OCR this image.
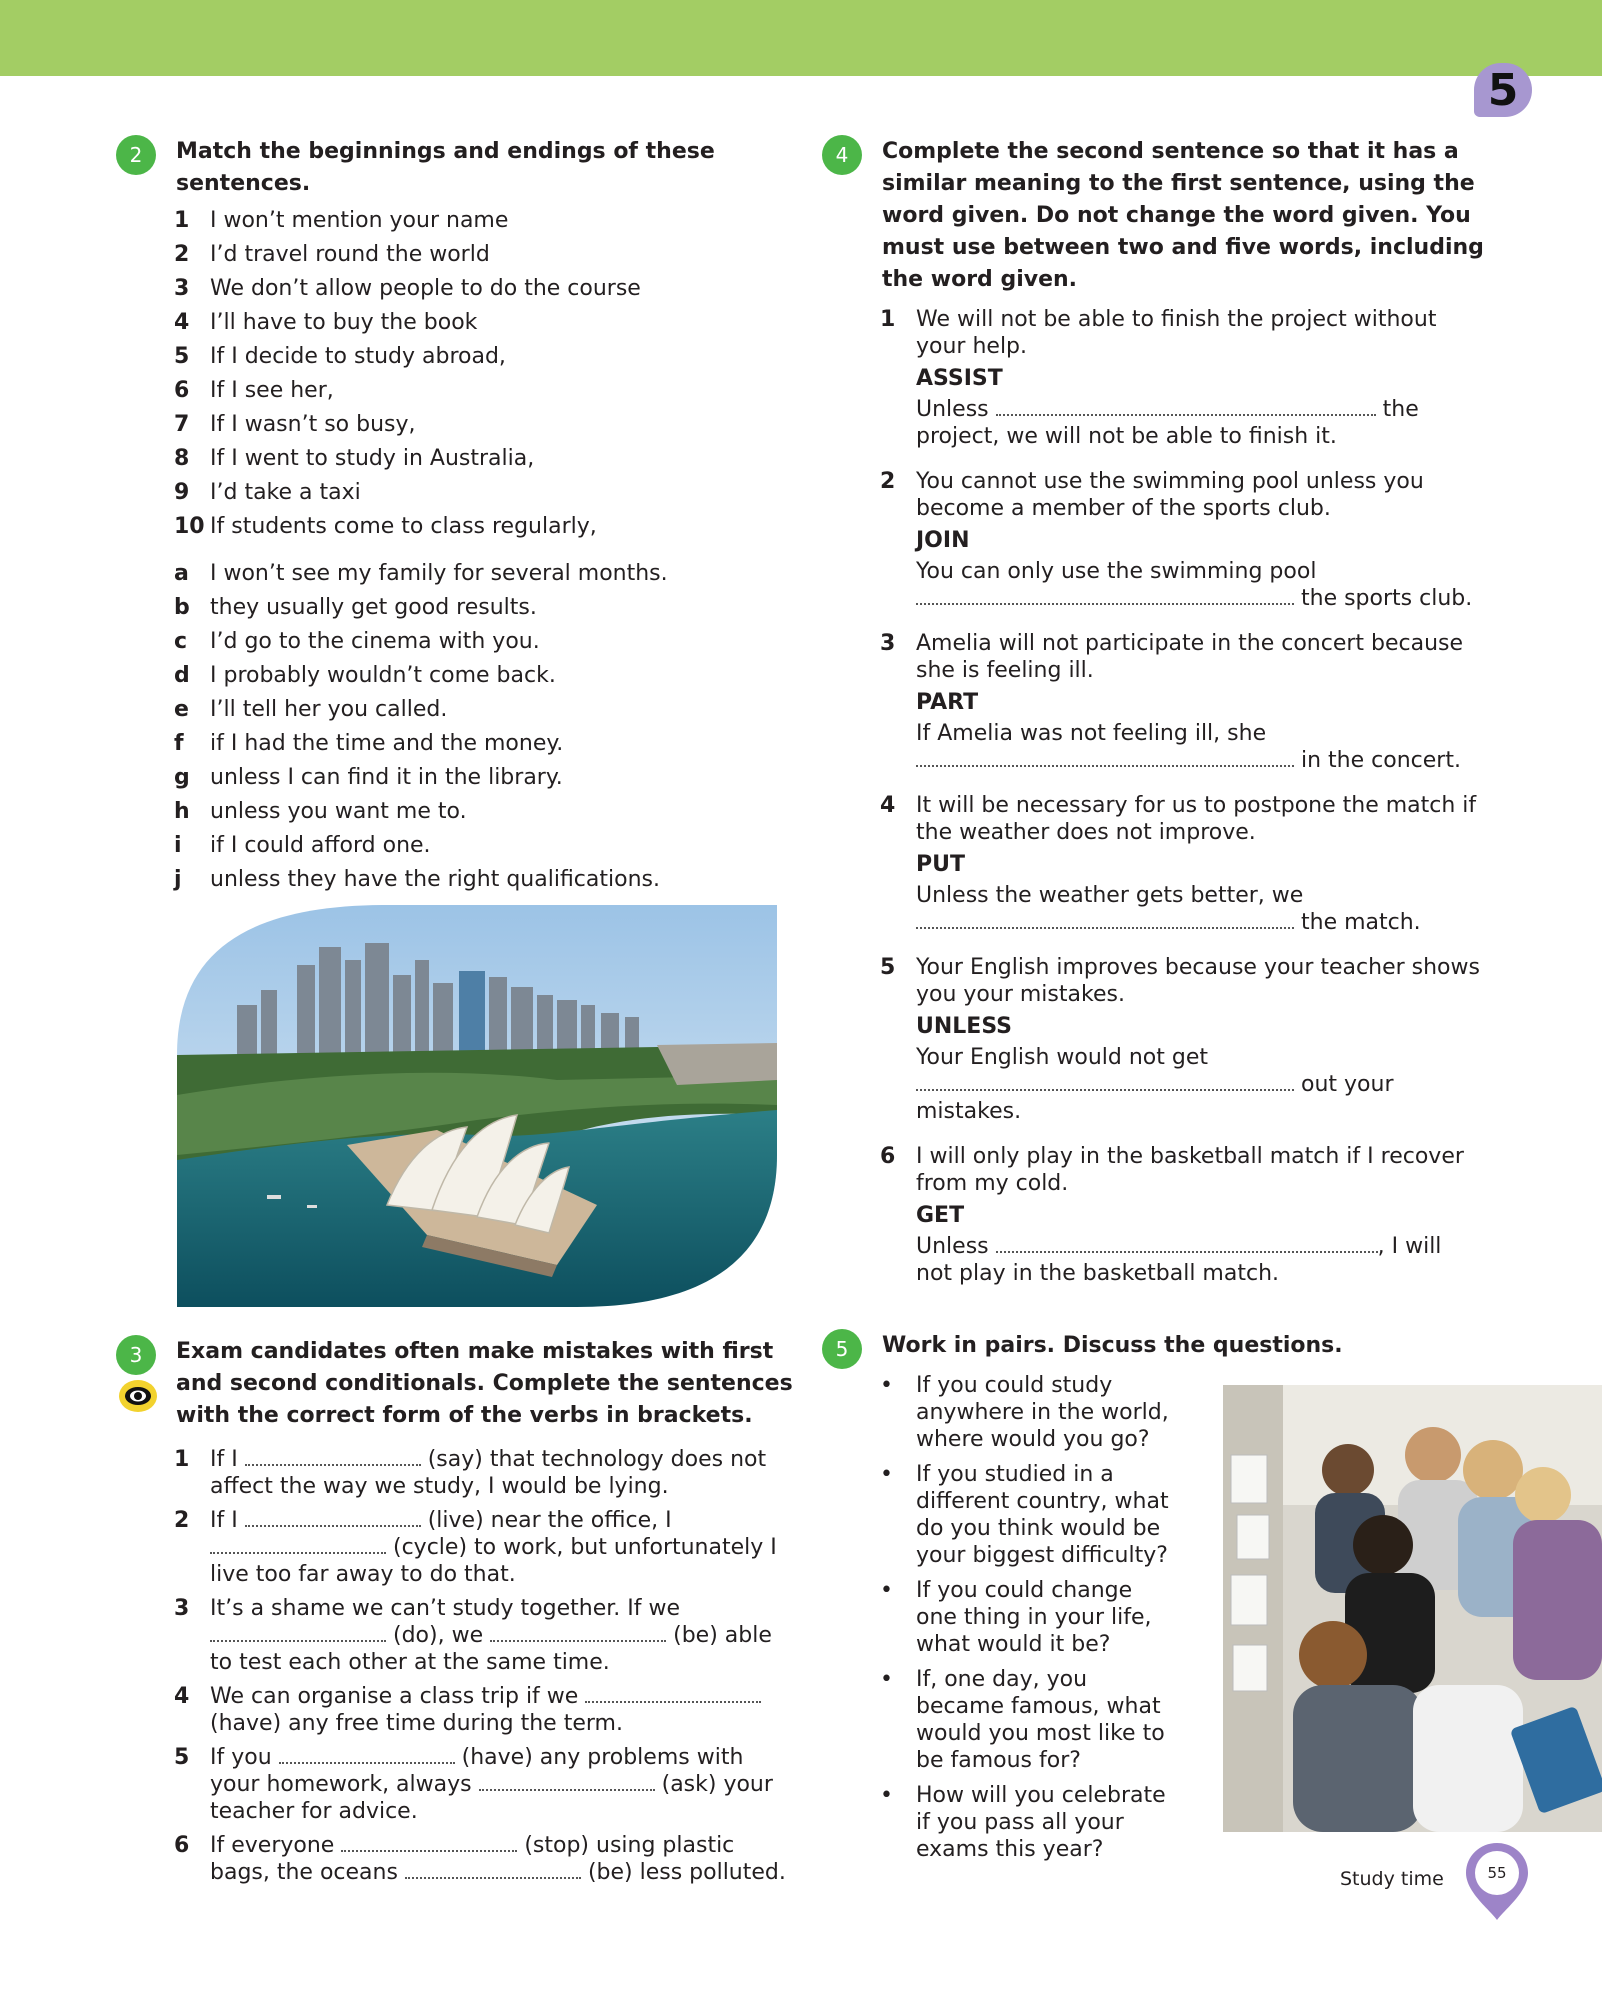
5
2	Match the beginnings and endings of these sentences.
1 I won’t mention your name
2 I’d travel round the world
3 We don’t allow people to do the course
4 I’ll have to buy the book
5 If I decide to study abroad,
6 If I see her,
7 If I wasn’t so busy,
8 If I went to study in Australia,
9 I’d take a taxi
10 If students come to class regularly,
a I won’t see my family for several months.
b they usually get good results.
c I’d go to the cinema with you.
d I probably wouldn’t come back.
e I’ll tell her you called.
f if I had the time and the money.
g unless I can find it in the library.
h unless you want me to.
i if I could afford one.
j unless they have the right qualifications.
3	Exam candidates often make mistakes with first and second conditionals. Complete the sentences with the correct form of the verbs in brackets.
1 If I	(say) that technology does not affect the way we study, I would be lying.
2 If I	(live) near the office, I  (cycle) to work, but unfortunately I live too far away to do that.
3 It’s a shame we can’t study together. If we  (do), we	(be) able to test each other at the same time.
4 We can organise a class trip if we  (have) any free time during the term.
5 If you	(have) any problems with your homework, always	(ask) your teacher for advice.
6 If everyone	(stop) using plastic bags, the oceans	(be) less polluted.
4	Complete the second sentence so that it has a similar meaning to the first sentence, using the word given. Do not change the word given. You must use between two and five words, including the word given.
1 We will not be able to finish the project without your help.
ASSIST
Unless	the project, we will not be able to finish it.
2 You cannot use the swimming pool unless you become a member of the sports club.
JOIN
You can only use the swimming pool  the sports club.
3 Amelia will not participate in the concert because she is feeling ill.
PART
If Amelia was not feeling ill, she  in the concert.
4 It will be necessary for us to postpone the match if the weather does not improve.
PUT
Unless the weather gets better, we  the match.
5 Your English improves because your teacher shows you your mistakes.
UNLESS
Your English would not get  out your mistakes.
6 I will only play in the basketball match if I recover from my cold.
GET
Unless	, I will not play in the basketball match.
5	Work in pairs. Discuss the questions.
• If you could study anywhere in the world, where would you go?
• If you studied in a different country, what do you think would be your biggest difficulty?
• If you could change one thing in your life, what would it be?
• If, one day, you became famous, what would you most like to be famous for?
• How will you celebrate if you pass all your exams this year?
Study time	55
